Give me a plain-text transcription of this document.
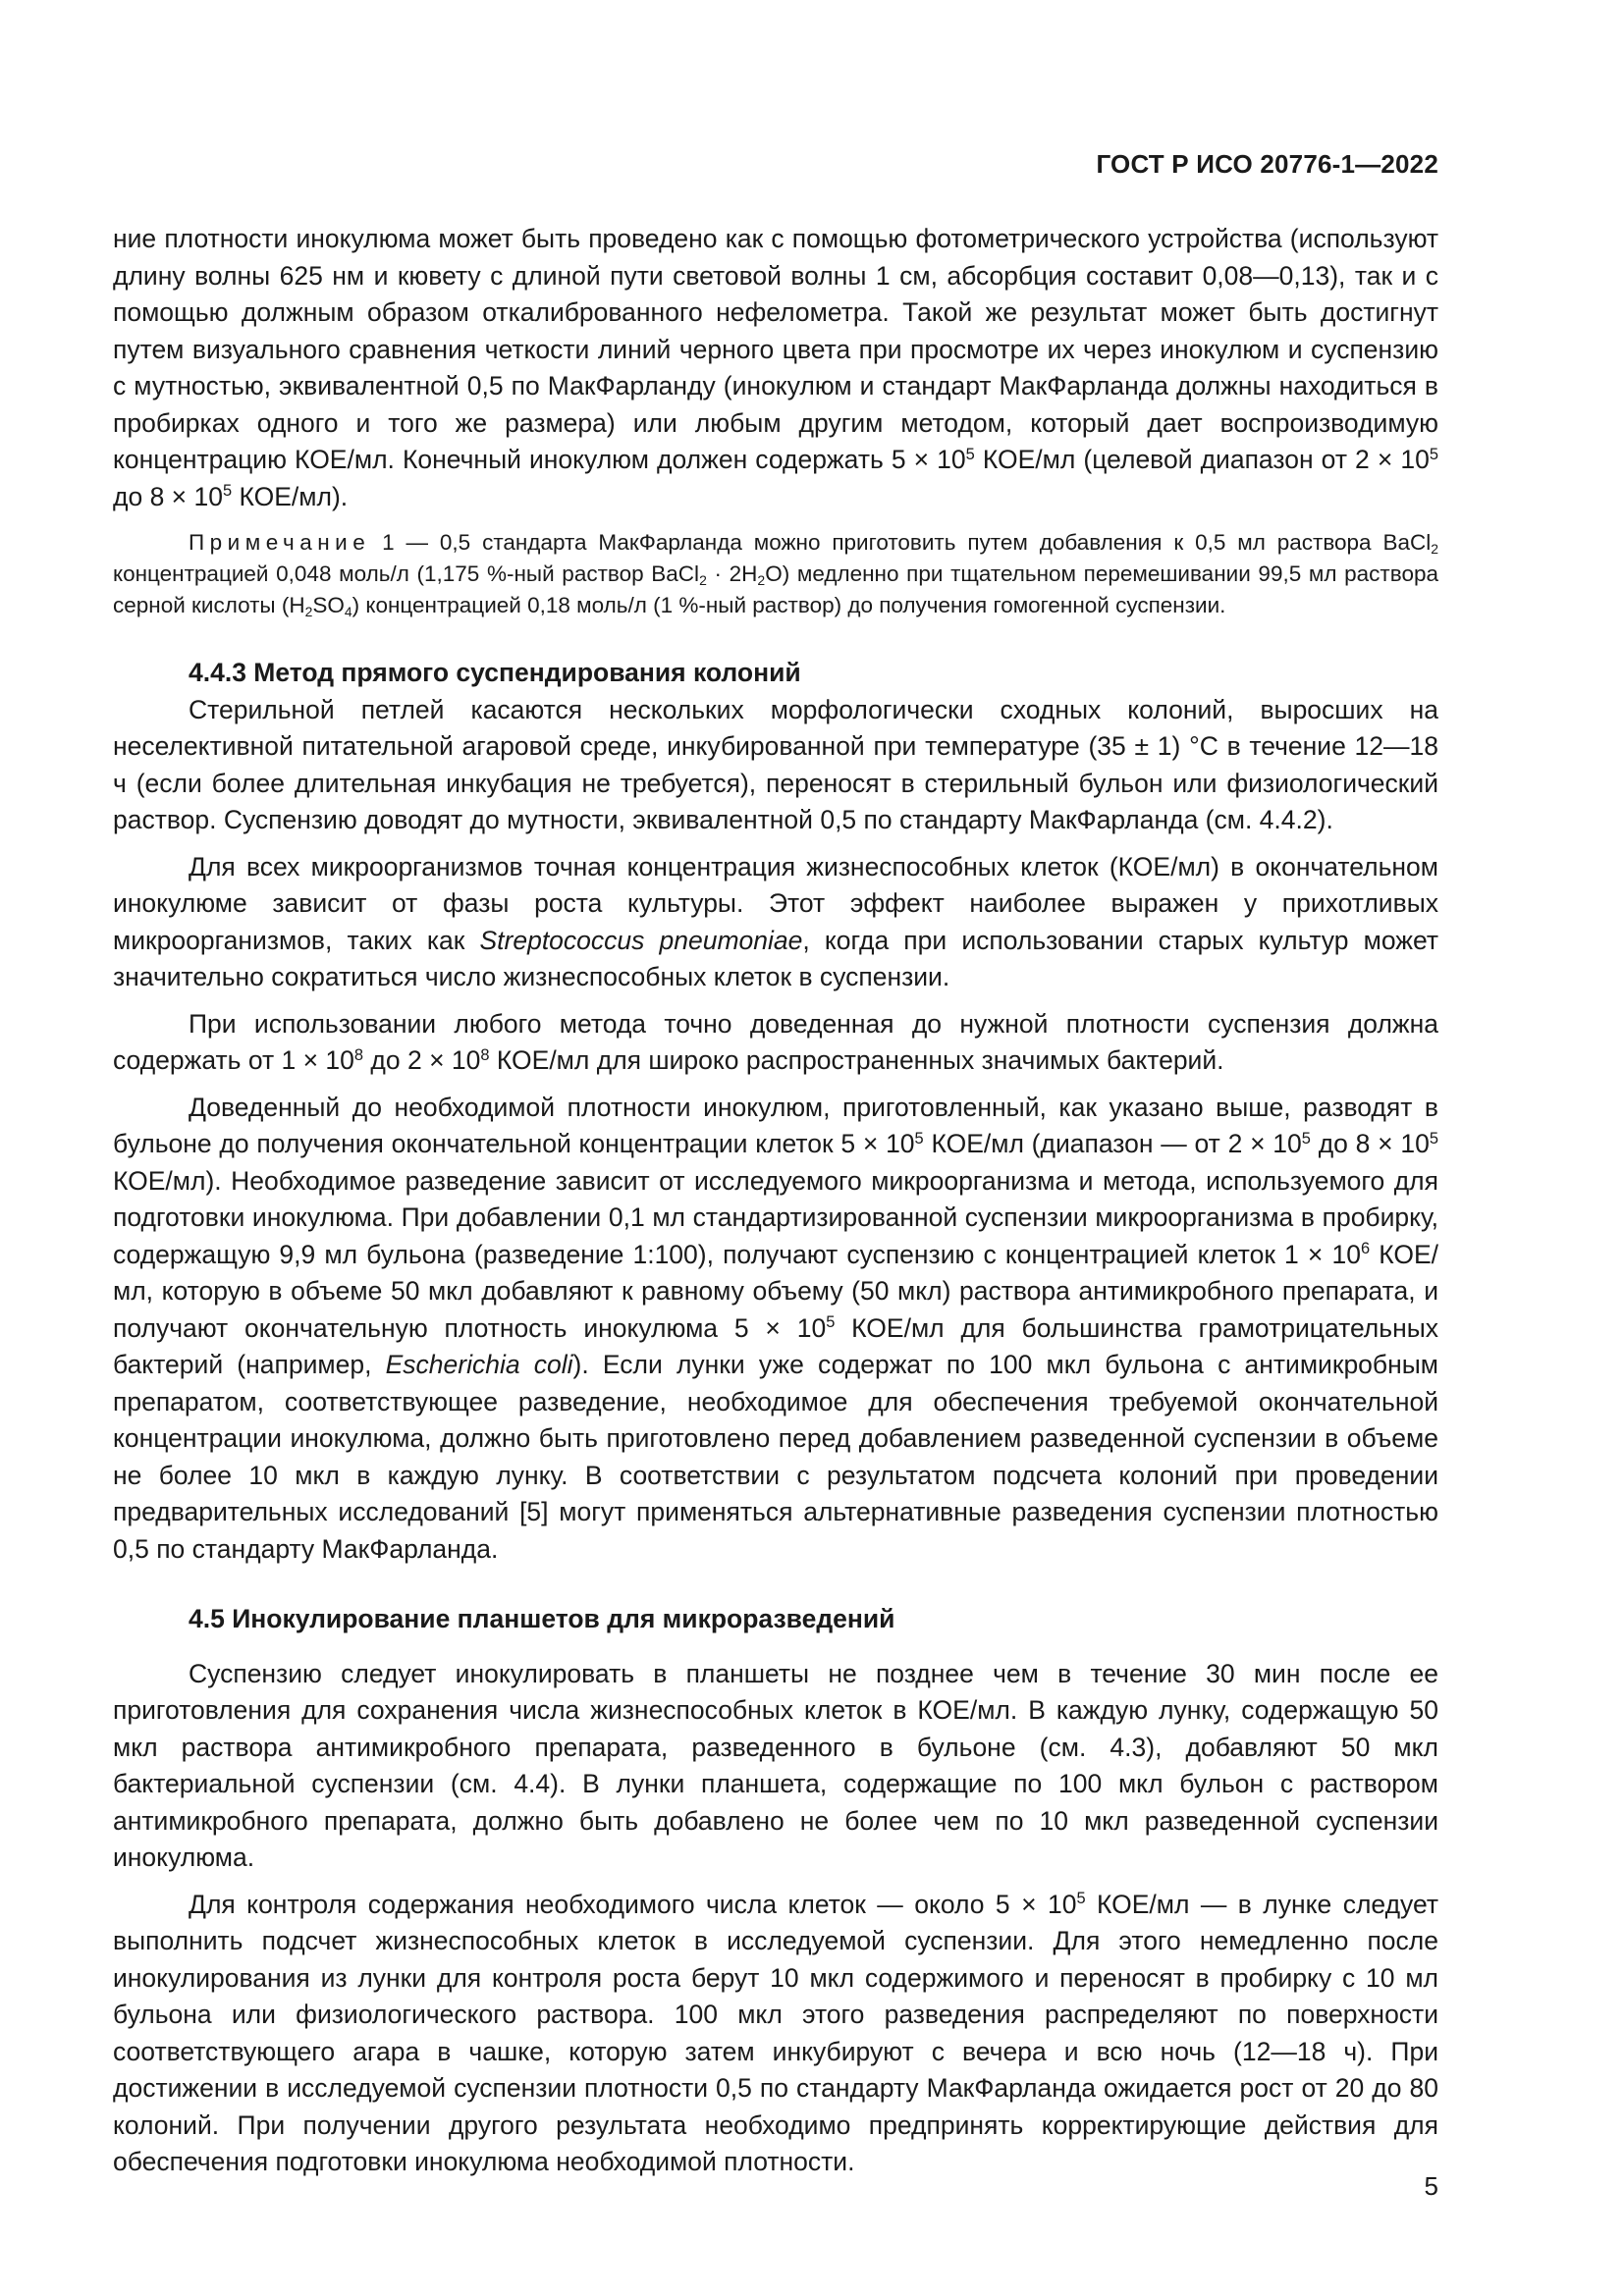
ГОСТ Р ИСО 20776-1—2022

ние плотности инокулюма может быть проведено как с помощью фотометрического устройства (используют длину волны 625 нм и кювету с длиной пути световой волны 1 см, абсорбция составит 0,08—0,13), так и с помощью должным образом откалиброванного нефелометра. Такой же результат может быть достигнут путем визуального сравнения четкости линий черного цвета при просмотре их через инокулюм и суспензию с мутностью, эквивалентной 0,5 по МакФарланду (инокулюм и стандарт МакФарланда должны находиться в пробирках одного и того же размера) или любым другим методом, который дает воспроизводимую концентрацию КОЕ/мл. Конечный инокулюм должен содержать $5 \times 10^5$ КОЕ/мл (целевой диапазон от $2 \times 10^5$ до $8 \times 10^5$ КОЕ/мл).

Примечание 1 — 0,5 стандарта МакФарланда можно приготовить путем добавления к 0,5 мл раствора BaCl$_2$ концентрацией 0,048 моль/л (1,175 %-ный раствор BaCl$_2$ · $2H_2O$) медленно при тщательном перемешивании 99,5 мл раствора серной кислоты $(H_2SO_4)$ концентрацией 0,18 моль/л (1 %-ный раствор) до получения гомогенной суспензии.

4.4.3 Метод прямого суспендирования колоний

Стерильной петлей касаются нескольких морфологически сходных колоний, выросших на неселективной питательной агаровой среде, инкубированной при температуре (35 ± 1) °С в течение 12—18 ч (если более длительная инкубация не требуется), переносят в стерильный бульон или физиологический раствор. Суспензию доводят до мутности, эквивалентной 0,5 по стандарту МакФарланда (см. 4.4.2).

Для всех микроорганизмов точная концентрация жизнеспособных клеток (КОЕ/мл) в окончательном инокулюме зависит от фазы роста культуры. Этот эффект наиболее выражен у прихотливых микроорганизмов, таких как Streptococcus pneumoniae, когда при использовании старых культур может значительно сократиться число жизнеспособных клеток в суспензии.

При использовании любого метода точно доведенная до нужной плотности суспензия должна содержать от $1 \times 10^8$ до $2 \times 10^8$ КОЕ/мл для широко распространенных значимых бактерий.

Доведенный до необходимой плотности инокулюм, приготовленный, как указано выше, разводят в бульоне до получения окончательной концентрации клеток $5 \times 10^5$ КОЕ/мл (диапазон — от $2 \times 10^5$ до $8 \times 10^5$ КОЕ/мл). Необходимое разведение зависит от исследуемого микроорганизма и метода, используемого для подготовки инокулюма. При добавлении 0,1 мл стандартизированной суспензии микроорганизма в пробирку, содержащую 9,9 мл бульона (разведение 1:100), получают суспензию с концентрацией клеток $1 \times 10^6$ КОЕ/мл, которую в объеме 50 мкл добавляют к равному объему (50 мкл) раствора антимикробного препарата, и получают окончательную плотность инокулюма $5 \times 10^5$ КОЕ/мл для большинства грамотрицательных бактерий (например, Escherichia coli). Если лунки уже содержат по 100 мкл бульона с антимикробным препаратом, соответствующее разведение, необходимое для обеспечения требуемой окончательной концентрации инокулюма, должно быть приготовлено перед добавлением разведенной суспензии в объеме не более 10 мкл в каждую лунку. В соответствии с результатом подсчета колоний при проведении предварительных исследований [5] могут применяться альтернативные разведения суспензии плотностью 0,5 по стандарту МакФарланда.

4.5 Инокулирование планшетов для микроразведений

Суспензию следует инокулировать в планшеты не позднее чем в течение 30 мин после ее приготовления для сохранения числа жизнеспособных клеток в КОЕ/мл. В каждую лунку, содержащую 50 мкл раствора антимикробного препарата, разведенного в бульоне (см. 4.3), добавляют 50 мкл бактериальной суспензии (см. 4.4). В лунки планшета, содержащие по 100 мкл бульон с раствором антимикробного препарата, должно быть добавлено не более чем по 10 мкл разведенной суспензии инокулюма.

Для контроля содержания необходимого числа клеток — около $5 \times 10^5$ КОЕ/мл — в лунке следует выполнить подсчет жизнеспособных клеток в исследуемой суспензии. Для этого немедленно после инокулирования из лунки для контроля роста берут 10 мкл содержимого и переносят в пробирку с 10 мл бульона или физиологического раствора. 100 мкл этого разведения распределяют по поверхности соответствующего агара в чашке, которую затем инкубируют с вечера и всю ночь (12—18 ч). При достижении в исследуемой суспензии плотности 0,5 по стандарту МакФарланда ожидается рост от 20 до 80 колоний. При получении другого результата необходимо предпринять корректирующие действия для обеспечения подготовки инокулюма необходимой плотности.

5
